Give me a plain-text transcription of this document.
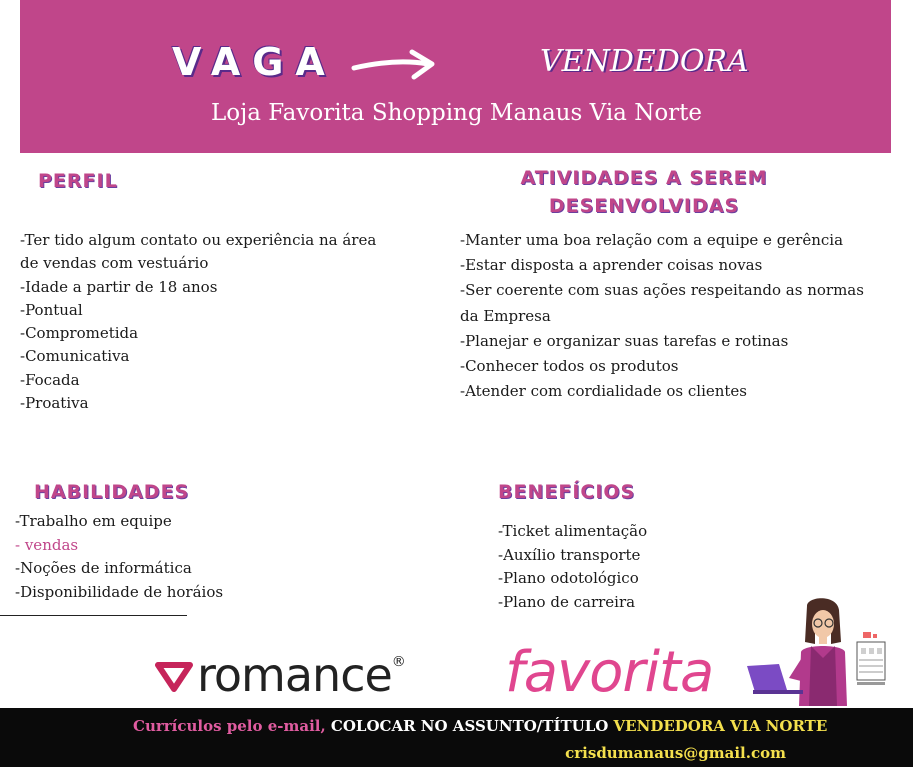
VAGA	VENDEDORA
Loja Favorita Shopping Manaus Via Norte
PERFIL
-Ter tido algum contato ou experiência na área
de vendas com vestuário
-Idade a partir de 18 anos
-Pontual
-Comprometida
-Comunicativa
-Focada
-Proativa
ATIVIDADES A SEREM
DESENVOLVIDAS
-Manter uma boa relação com a equipe e gerência
-Estar disposta a aprender coisas novas
-Ser coerente com suas ações respeitando as normas
da Empresa
-Planejar e organizar suas tarefas e rotinas
-Conhecer todos os produtos
-Atender com cordialidade os clientes
HABILIDADES
-Trabalho em equipe
- vendas
-Noções de informática
-Disponibilidade de horáios
BENEFÍCIOS
-Ticket alimentação
-Auxílio transporte
-Plano odotológico
-Plano de carreira
romance ® favorita
Currículos pelo e-mail, COLOCAR NO ASSUNTO/TÍTULO VENDEDORA VIA NORTE
crisdumanaus@gmail.com
